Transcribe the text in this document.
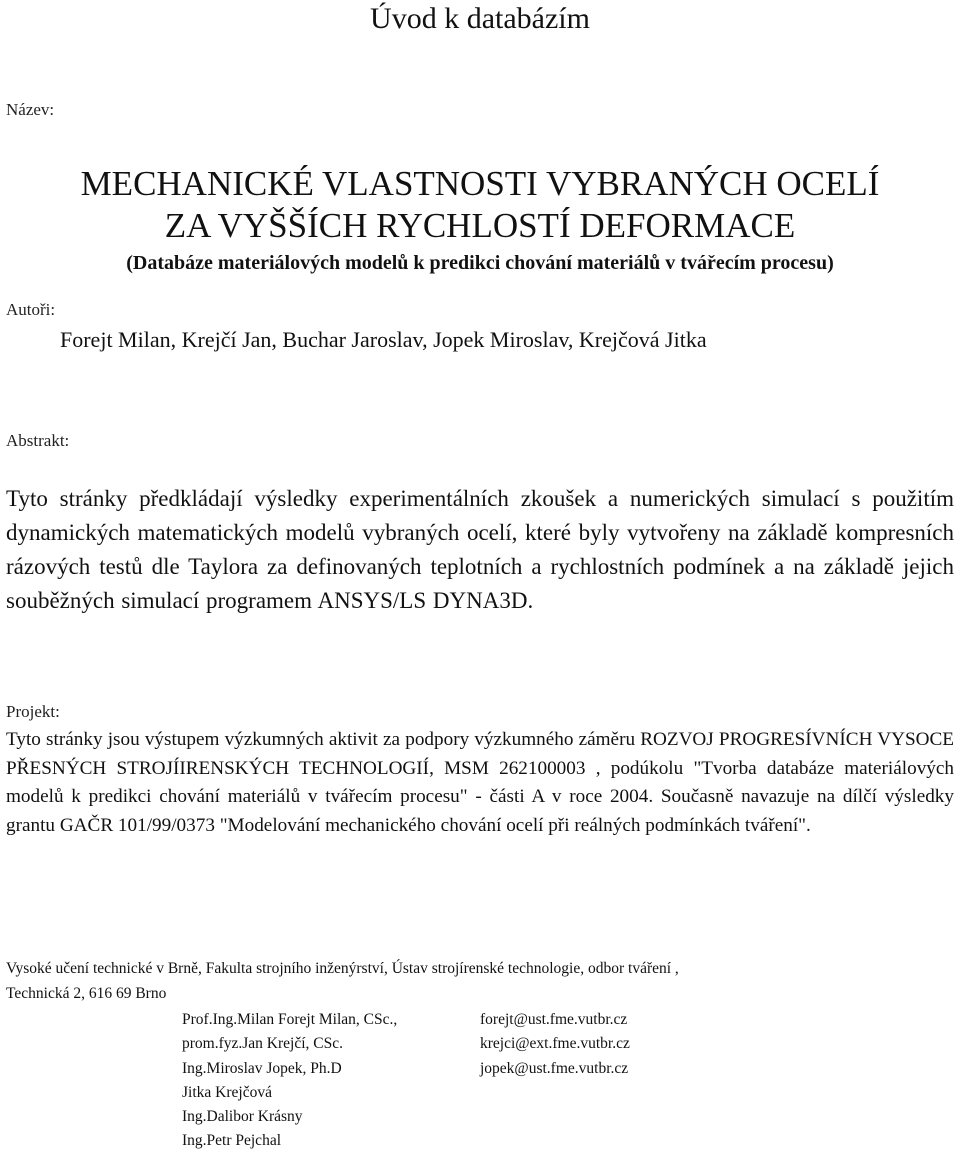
Úvod k databázím
Název:
MECHANICKÉ VLASTNOSTI VYBRANÝCH OCELÍ
ZA VYŠŠÍCH RYCHLOSTÍ DEFORMACE
(Databáze materiálových modelů k predikci chování materiálů v tvářecím procesu)
Autoři:
Forejt Milan, Krejčí Jan, Buchar Jaroslav, Jopek Miroslav, Krejčová Jitka
Abstrakt:
Tyto stránky předkládají výsledky experimentálních zkoušek a numerických simulací s použitím dynamických matematických modelů vybraných ocelí, které byly vytvořeny na základě kompresních rázových testů dle Taylora za definovaných teplotních a rychlostních podmínek a na základě jejich souběžných simulací programem ANSYS/LS DYNA3D.
Projekt:
Tyto stránky jsou výstupem výzkumných aktivit za podpory výzkumného záměru ROZVOJ PROGRESÍVNÍCH VYSOCE PŘESNÝCH STROJÍIRENSKÝCH TECHNOLOGIÍ, MSM 262100003 , podúkolu "Tvorba databáze materiálových modelů k predikci chování materiálů v tvářecím procesu" - části A v roce 2004. Současně navazuje na dílčí výsledky grantu GAČR 101/99/0373 "Modelování mechanického chování ocelí při reálných podmínkách tváření".
Vysoké učení technické v Brně, Fakulta strojního inženýrství, Ústav strojírenské technologie, odbor tváření ,
Technická 2, 616 69 Brno
Prof.Ing.Milan Forejt Milan, CSc.,	forejt@ust.fme.vutbr.cz
prom.fyz.Jan Krejčí, CSc.	krejci@ext.fme.vutbr.cz
Ing.Miroslav Jopek, Ph.D	jopek@ust.fme.vutbr.cz
Jitka Krejčová
Ing.Dalibor Krásny
Ing.Petr Pejchal
